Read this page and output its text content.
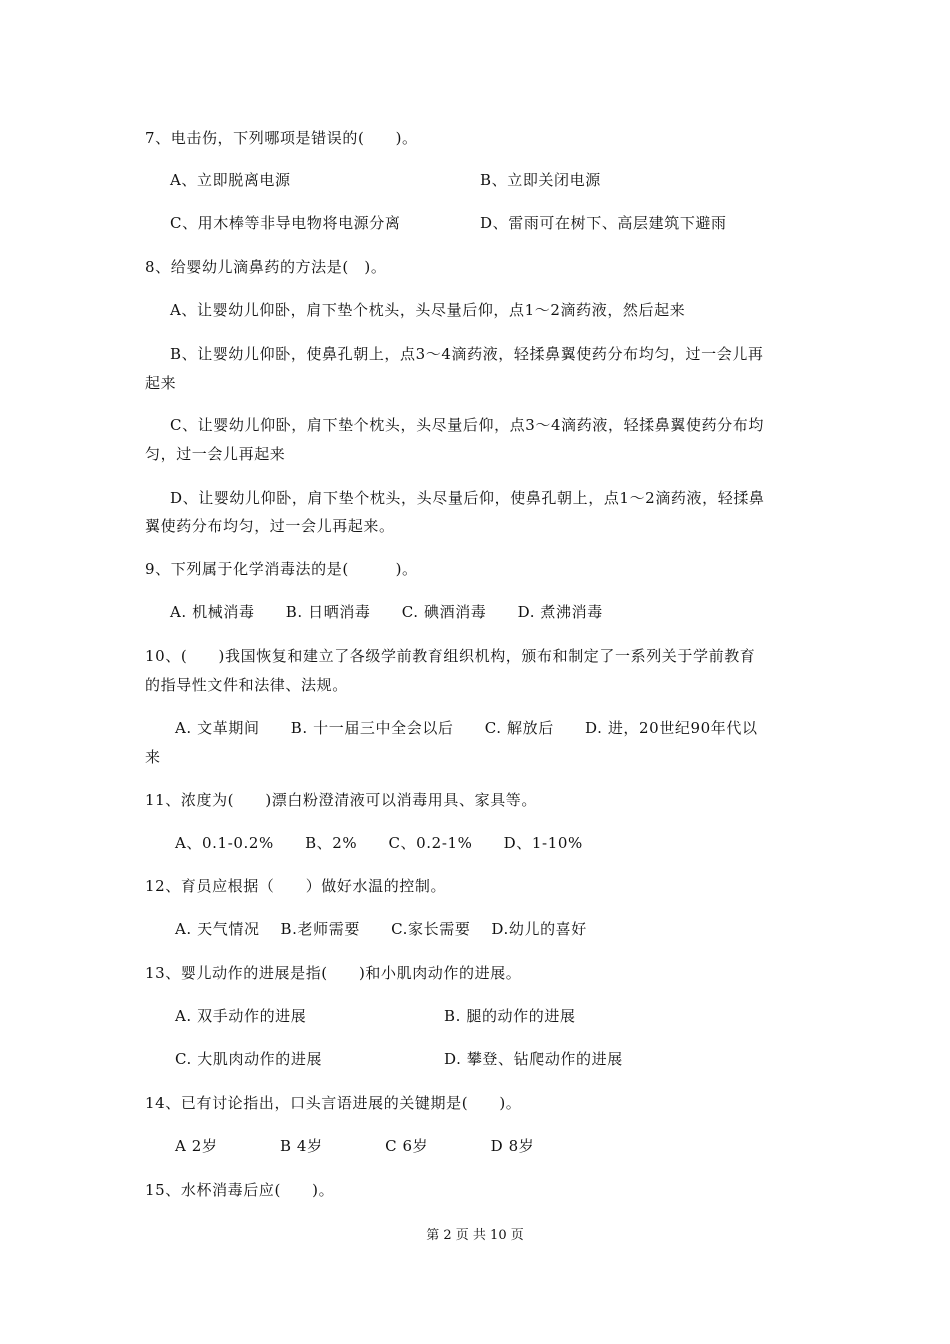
7、电击伤，下列哪项是错误的(　　)。
A、立即脱离电源	B、立即关闭电源
C、用木棒等非导电物将电源分离	D、雷雨可在树下、高层建筑下避雨
8、给婴幼儿滴鼻药的方法是(　)。
A、让婴幼儿仰卧，肩下垫个枕头，头尽量后仰，点1～2滴药液，然后起来
B、让婴幼儿仰卧，使鼻孔朝上，点3～4滴药液，轻揉鼻翼使药分布均匀，过一会儿再
起来
C、让婴幼儿仰卧，肩下垫个枕头，头尽量后仰，点3～4滴药液，轻揉鼻翼使药分布均
匀，过一会儿再起来
D、让婴幼儿仰卧，肩下垫个枕头，头尽量后仰，使鼻孔朝上，点1～2滴药液，轻揉鼻
翼使药分布均匀，过一会儿再起来。
9、下列属于化学消毒法的是(　　　)。
A. 机械消毒　　B. 日晒消毒　　C. 碘酒消毒　　D. 煮沸消毒
10、(　　)我国恢复和建立了各级学前教育组织机构，颁布和制定了一系列关于学前教育
的指导性文件和法律、法规。
A. 文革期间　　B. 十一届三中全会以后　　C. 解放后　　D. 进，20世纪90年代以
来
11、浓度为(　　)漂白粉澄清液可以消毒用具、家具等。
A、0.1-0.2%　　B、2%　　C、0.2-1%　　D、1-10%
12、育员应根据（　　）做好水温的控制。
A. 天气情况　 B.老师需要　　C.家长需要　 D.幼儿的喜好
13、婴儿动作的进展是指(　　)和小肌肉动作的进展。
A. 双手动作的进展	B. 腿的动作的进展
C. 大肌肉动作的进展	D. 攀登、钻爬动作的进展
14、已有讨论指出，口头言语进展的关键期是(　　)。
A 2岁　　　　B 4岁　　　　C 6岁　　　　D 8岁
15、水杯消毒后应(　　)。
第 2 页 共 10 页
